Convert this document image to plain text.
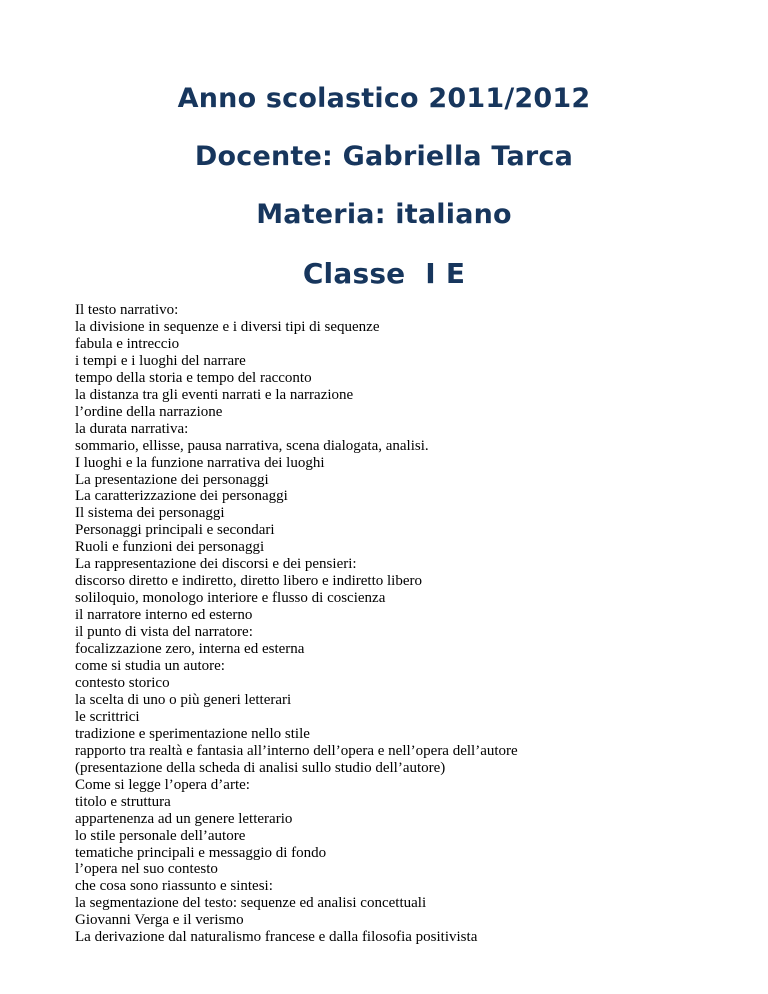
Anno scolastico 2011/2012

Docente: Gabriella Tarca

Materia: italiano

Classe  I E

Il testo narrativo:
la divisione in sequenze e i diversi tipi di sequenze
fabula e intreccio
i tempi e i luoghi del narrare
tempo della storia e tempo del racconto
la distanza tra gli eventi narrati e la narrazione
l’ordine della narrazione
la durata narrativa:
sommario, ellisse, pausa narrativa, scena dialogata, analisi.
I luoghi e la funzione narrativa dei luoghi
La presentazione dei personaggi
La caratterizzazione dei personaggi
Il sistema dei personaggi
Personaggi principali e secondari
Ruoli e funzioni dei personaggi
La rappresentazione dei discorsi e dei pensieri:
discorso diretto e indiretto, diretto libero e indiretto libero
soliloquio, monologo interiore e flusso di coscienza
il narratore interno ed esterno
il punto di vista del narratore:
focalizzazione zero, interna ed esterna
come si studia un autore:
contesto storico
la scelta di uno o più generi letterari
le scrittrici
tradizione e sperimentazione nello stile
rapporto tra realtà e fantasia all’interno dell’opera e nell’opera dell’autore
(presentazione della scheda di analisi sullo studio dell’autore)
Come si legge l’opera d’arte:
titolo e struttura
appartenenza ad un genere letterario
lo stile personale dell’autore
tematiche principali e messaggio di fondo
l’opera nel suo contesto
che cosa sono riassunto e sintesi:
la segmentazione del testo: sequenze ed analisi concettuali
Giovanni Verga e il verismo
La derivazione dal naturalismo francese e dalla filosofia positivista
